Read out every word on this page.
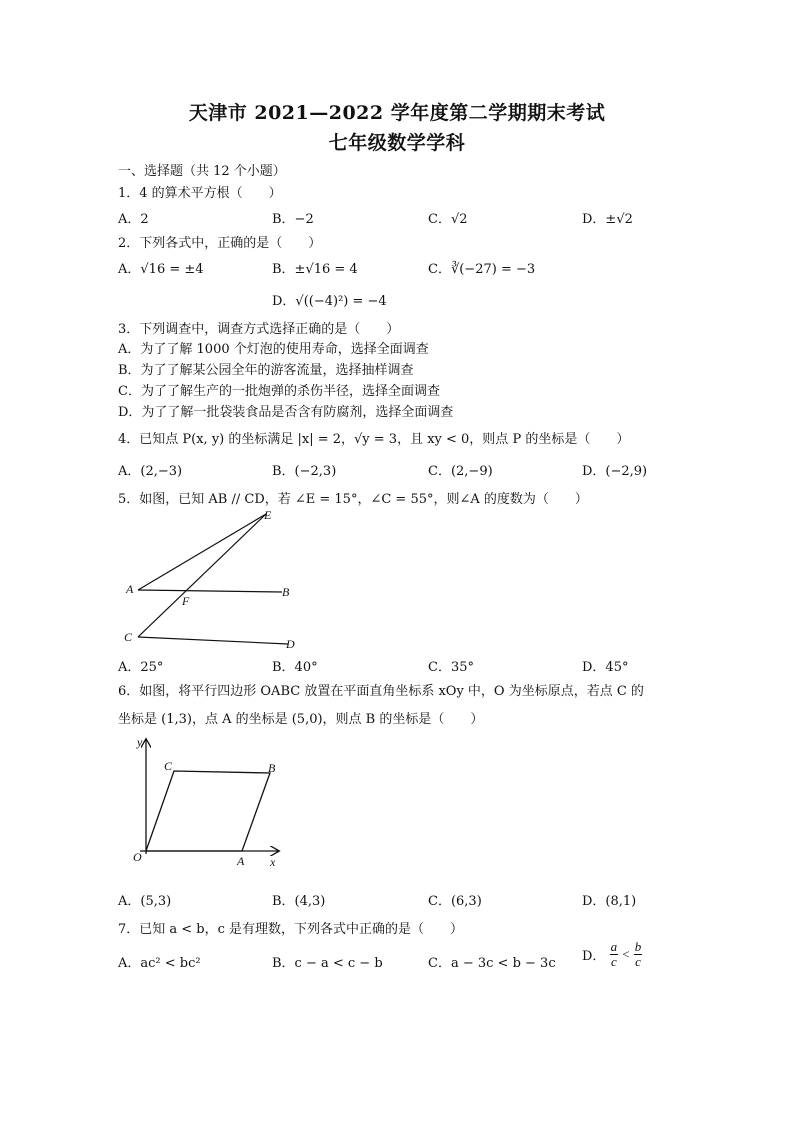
天津市 2021—2022 学年度第二学期期末考试
七年级数学学科
一、选择题（共 12 个小题）
1．4 的算术平方根（　　）
A．2	B．−2	C．√2	D．±√2
2．下列各式中，正确的是（　　）
A．√16 = ±4	B．±√16 = 4	C．∛(−27) = −3
D．√((−4)²) = −4
3．下列调查中，调查方式选择正确的是（　　）
A．为了了解 1000 个灯泡的使用寿命，选择全面调查
B．为了了解某公园全年的游客流量，选择抽样调查
C．为了了解生产的一批炮弹的杀伤半径，选择全面调查
D．为了了解一批袋装食品是否含有防腐剂，选择全面调查
4．已知点 P(x, y) 的坐标满足 |x| = 2，√y = 3，且 xy < 0，则点 P 的坐标是（　　）
A．(2,−3)	B．(−2,3)	C．(2,−9)	D．(−2,9)
5．如图，已知 AB // CD，若 ∠E = 15°，∠C = 55°，则∠A 的度数为（　　）
A
F
B
C	D
E
A．25°	B．40°	C．35°	D．45°
6．如图，将平行四边形 OABC 放置在平面直角坐标系 xOy 中，O 为坐标原点，若点 C 的
坐标是 (1,3)，点 A 的坐标是 (5,0)，则点 B 的坐标是（　　）
y
x
O	A
B
C
A．(5,3)	B．(4,3)	C．(6,3)	D．(8,1)
7．已知 a < b，c 是有理数，下列各式中正确的是（　　）
A．ac² < bc²	B．c − a < c − b	C．a − 3c < b − 3c D． $\frac{a}{c} < \frac{b}{c}$
